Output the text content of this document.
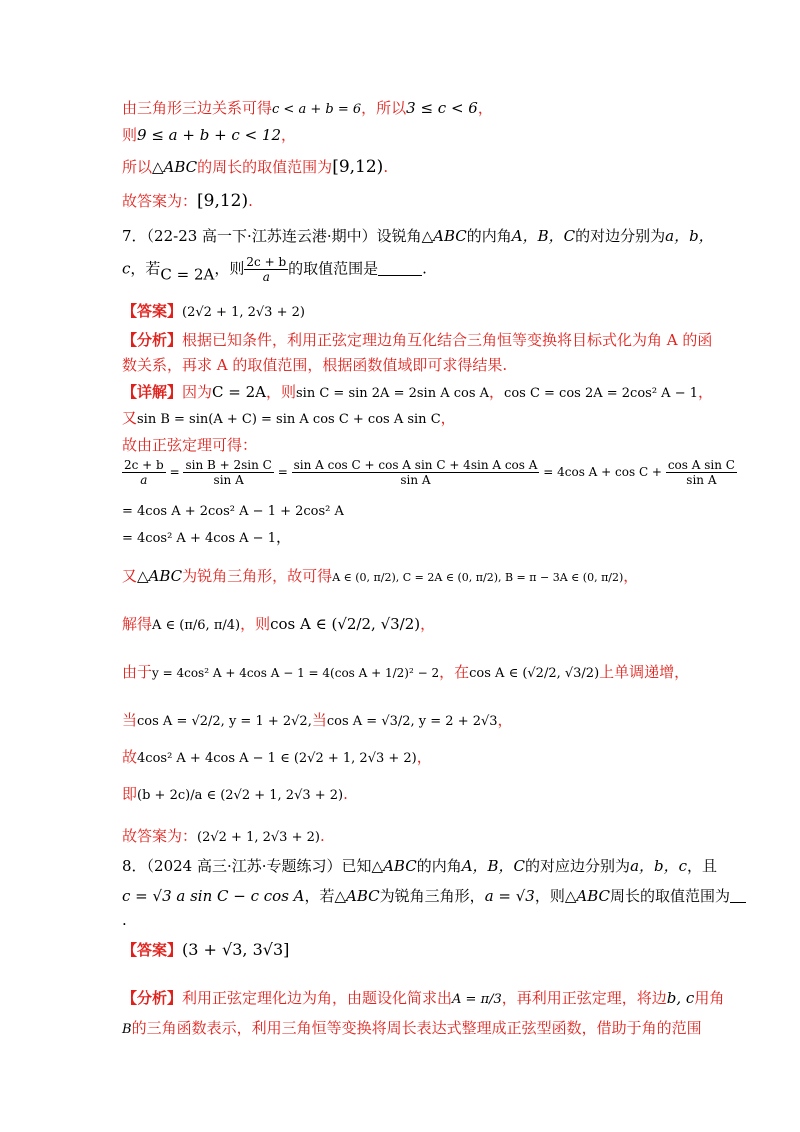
由三角形三边关系可得c < a + b = 6，所以3 ≤ c < 6，
则9 ≤ a + b + c < 12，
所以△ABC的周长的取值范围为[9,12).
故答案为：[9,12).
7．（22-23 高一下·江苏连云港·期中）设锐角△ABC的内角A，B，C的对边分别为a，b，
c，若C = 2A，则 $\frac{2c + b}{a}$ 的取值范围是	.
【答案】(2√2 + 1, 2√3 + 2)
【分析】根据已知条件，利用正弦定理边角互化结合三角恒等变换将目标式化为角 A 的函
数关系，再求 A 的取值范围，根据函数值域即可求得结果.
【详解】因为C = 2A，则sin C = sin 2A = 2sin A cos A，cos C = cos 2A = 2cos² A − 1，
又sin B = sin(A + C) = sin A cos C + cos A sin C，
故由正弦定理可得：
$\frac{2c + b}{a} = \frac{\text{sin B + 2sin C}}{\text{sin A}} = \frac{\text{sin A cos C + cos A sin C + 4sin A cos A}}{\text{sin A}} = 4\cos$ $A + \cos C + \frac{\text{cos A sin C}}{\text{sin A}}$
= 4cos A + 2cos² A − 1 + 2cos² A
= 4cos² A + 4cos A − 1，
又△ABC为锐角三角形，故可得A ∈ (0, π/2), C = 2A ∈ (0, π/2), B = π − 3A ∈ (0, π/2)，
解得A ∈ (π/6, π/4)，则cos A ∈ (√2/2, √3/2)，
由于y = 4cos² A + 4cos A − 1 = 4(cos A + 1/2)² − 2，在cos A ∈ (√2/2, √3/2)上单调递增，
当cos A = √2/2, y = 1 + 2√2,当cos A = √3/2, y = 2 + 2√3，
故4cos² A + 4cos A − 1 ∈ (2√2 + 1, 2√3 + 2)，
即(b + 2c)/a ∈ (2√2 + 1, 2√3 + 2).
故答案为：(2√2 + 1, 2√3 + 2).
8．（2024 高三·江苏·专题练习）已知△ABC的内角A，B，C的对应边分别为a，b，c，且
c = √3 a sin C − c cos A，若△ABC为锐角三角形，a = √3，则△ABC周长的取值范围为
.
【答案】(3 + √3, 3√3]
【分析】利用正弦定理化边为角，由题设化简求出A = π/3，再利用正弦定理，将边b, c用角
B的三角函数表示，利用三角恒等变换将周长表达式整理成正弦型函数，借助于角的范围
